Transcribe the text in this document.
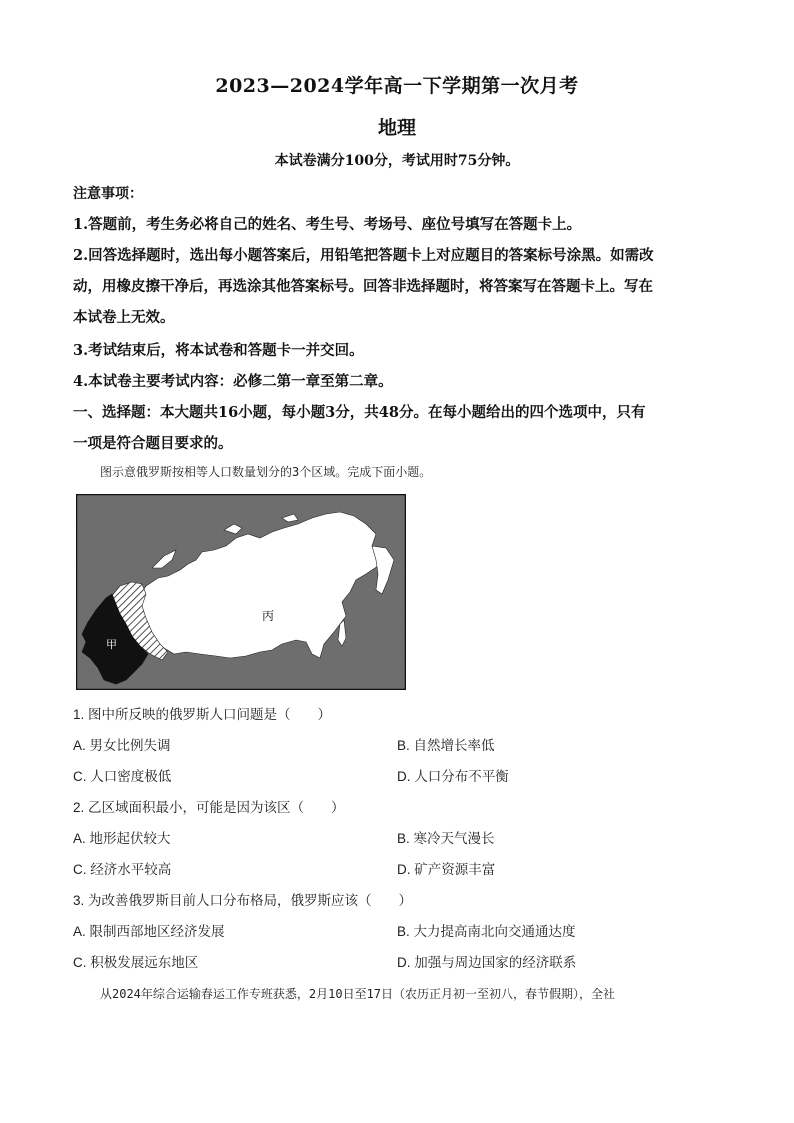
2023—2024学年高一下学期第一次月考
地理
本试卷满分100分，考试用时75分钟。
注意事项：
1.答题前，考生务必将自己的姓名、考生号、考场号、座位号填写在答题卡上。
2.回答选择题时，选出每小题答案后，用铅笔把答题卡上对应题目的答案标号涂黑。如需改
动，用橡皮擦干净后，再选涂其他答案标号。回答非选择题时，将答案写在答题卡上。写在
本试卷上无效。
3.考试结束后，将本试卷和答题卡一并交回。
4.本试卷主要考试内容：必修二第一章至第二章。
一、选择题：本大题共16小题，每小题3分，共48分。在每小题给出的四个选项中，只有
一项是符合题目要求的。
图示意俄罗斯按相等人口数量划分的3个区域。完成下面小题。
甲
丙
1. 图中所反映的俄罗斯人口问题是（　　）
A. 男女比例失调	B. 自然增长率低
C. 人口密度极低	D. 人口分布不平衡
2. 乙区域面积最小，可能是因为该区（　　）
A. 地形起伏较大	B. 寒冷天气漫长
C. 经济水平较高	D. 矿产资源丰富
3. 为改善俄罗斯目前人口分布格局，俄罗斯应该（　　）
A. 限制西部地区经济发展	B. 大力提高南北向交通通达度
C. 积极发展远东地区	D. 加强与周边国家的经济联系
从2024年综合运输春运工作专班获悉，2月10日至17日（农历正月初一至初八，春节假期），全社
